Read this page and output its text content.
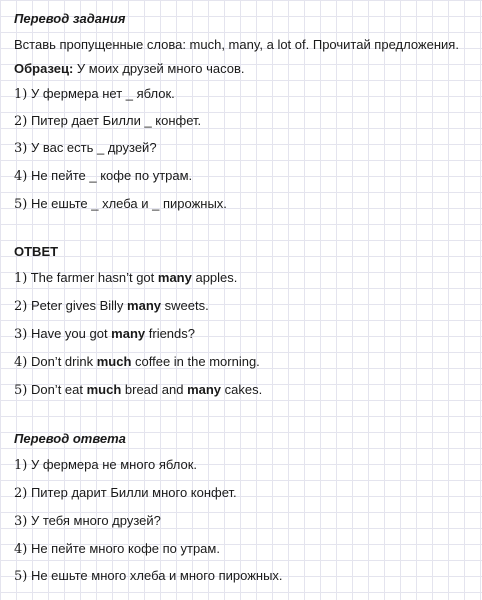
Перевод задания
Вставь пропущенные слова: much, many, a lot of. Прочитай предложения.
Образец: У моих друзей много часов.
1) У фермера нет _ яблок.
2) Питер дает Билли _ конфет.
3) У вас есть _ друзей?
4) Не пейте _ кофе по утрам.
5) Не ешьте _ хлеба и _ пирожных.
ОТВЕТ
1) The farmer hasn’t got many apples.
2) Peter gives Billy many sweets.
3) Have you got many friends?
4) Don’t drink much coffee in the morning.
5) Don’t eat much bread and many cakes.
Перевод ответа
1) У фермера не много яблок.
2) Питер дарит Билли много конфет.
3) У тебя много друзей?
4) Не пейте много кофе по утрам.
5) Не ешьте много хлеба и много пирожных.
